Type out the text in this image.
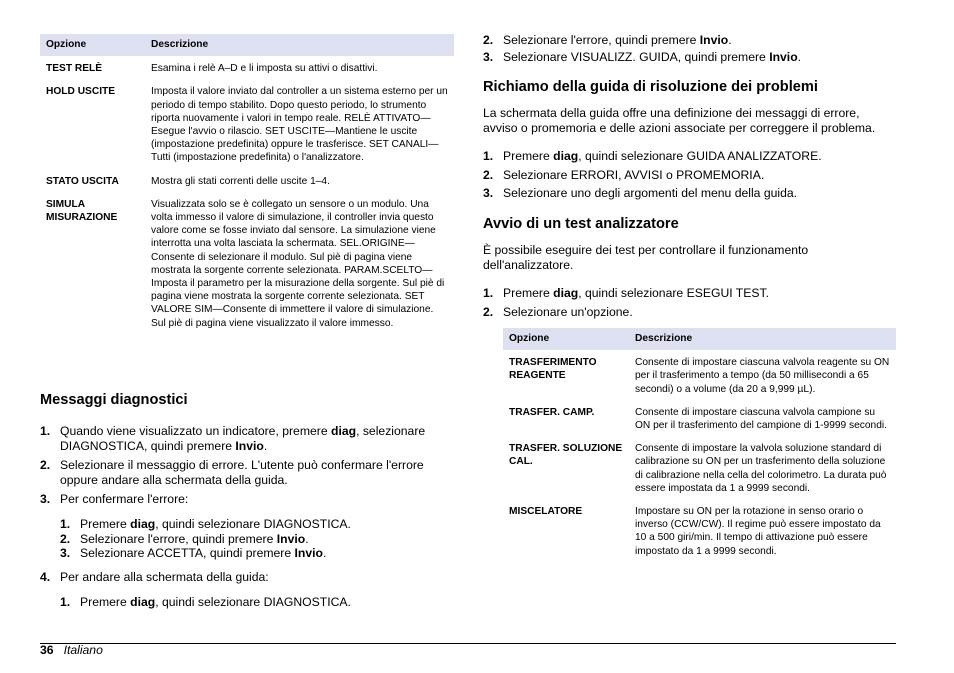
Opzione	Descrizione
TEST RELÈ	Esamina i relè A–D e li imposta su attivi o disattivi.
HOLD USCITE	Imposta il valore inviato dal controller a un sistema esterno per un periodo di tempo stabilito. Dopo questo periodo, lo strumento riporta nuovamente i valori in tempo reale. RELÈ ATTIVATO—Esegue l'avvio o rilascio. SET USCITE—Mantiene le uscite (impostazione predefinita) oppure le trasferisce. SET CANALI—Tutti (impostazione predefinita) o l'analizzatore.
STATO USCITA	Mostra gli stati correnti delle uscite 1–4.
SIMULA MISURAZIONE	Visualizzata solo se è collegato un sensore o un modulo. Una volta immesso il valore di simulazione, il controller invia questo valore come se fosse inviato dal sensore. La simulazione viene interrotta una volta lasciata la schermata. SEL.ORIGINE—Consente di selezionare il modulo. Sul piè di pagina viene mostrata la sorgente corrente selezionata. PARAM.SCELTO—Imposta il parametro per la misurazione della sorgente. Sul piè di pagina viene mostrata la sorgente corrente selezionata. SET VALORE SIM—Consente di immettere il valore di simulazione. Sul piè di pagina viene visualizzato il valore immesso.
Messaggi diagnostici
1. Quando viene visualizzato un indicatore, premere diag, selezionare DIAGNOSTICA, quindi premere Invio.
2. Selezionare il messaggio di errore. L'utente può confermare l'errore oppure andare alla schermata della guida.
3. Per confermare l'errore:
1. Premere diag, quindi selezionare DIAGNOSTICA.
2. Selezionare l'errore, quindi premere Invio.
3. Selezionare ACCETTA, quindi premere Invio.
4. Per andare alla schermata della guida:
1. Premere diag, quindi selezionare DIAGNOSTICA.
2. Selezionare l'errore, quindi premere Invio.
3. Selezionare VISUALIZZ. GUIDA, quindi premere Invio.
Richiamo della guida di risoluzione dei problemi

La schermata della guida offre una definizione dei messaggi di errore, avviso o promemoria e delle azioni associate per correggere il problema.

1. Premere diag, quindi selezionare GUIDA ANALIZZATORE.
2. Selezionare ERRORI, AVVISI o PROMEMORIA.
3. Selezionare uno degli argomenti del menu della guida.
Avvio di un test analizzatore

È possibile eseguire dei test per controllare il funzionamento dell'analizzatore.

1. Premere diag, quindi selezionare ESEGUI TEST.
2. Selezionare un'opzione.
Opzione	Descrizione
TRASFERIMENTO REAGENTE	Consente di impostare ciascuna valvola reagente su ON per il trasferimento a tempo (da 50 millisecondi a 65 secondi) o a volume (da 20 a 9,999 µL).
TRASFER. CAMP.	Consente di impostare ciascuna valvola campione su ON per il trasferimento del campione di 1-9999 secondi.
TRASFER. SOLUZIONE CAL.	Consente di impostare la valvola soluzione standard di calibrazione su ON per un trasferimento della soluzione di calibrazione nella cella del colorimetro. La durata può essere impostata da 1 a 9999 secondi.
MISCELATORE	Impostare su ON per la rotazione in senso orario o inverso (CCW/CW). Il regime può essere impostato da 10 a 500 giri/min. Il tempo di attivazione può essere impostato da 1 a 9999 secondi.
36 Italiano
